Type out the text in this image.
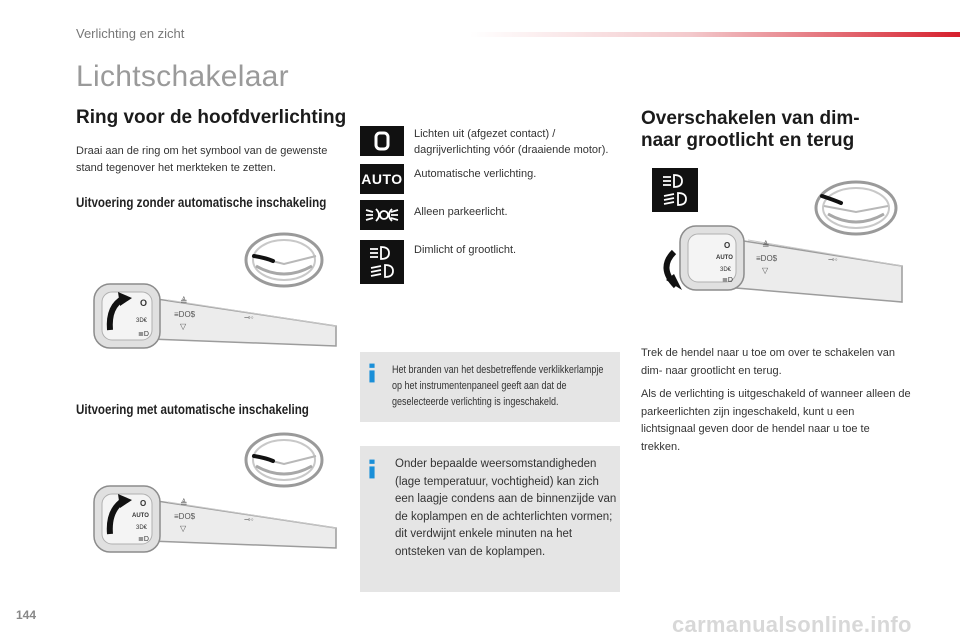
Verlichting en zicht
Lichtschakelaar
Ring voor de hoofdverlichting
Draai aan de ring om het symbool van de gewenste stand tegenover het merkteken te zetten.
Uitvoering zonder automatische inschakeling
O
3D€
≣D
≜
≡DO$
▽
⊸◦
Uitvoering met automatische inschakeling
O
AUTO
3D€
≣D
≜
≡DO$
▽
⊸◦
Lichten uit (afgezet contact) / dagrijverlichting vóór (draaiende motor).
AUTO Automatische verlichting.
Alleen parkeerlicht.
Dimlicht of grootlicht.
Het branden van het desbetreffende verklikkerlampje op het instrumentenpaneel geeft aan dat de geselecteerde verlichting is ingeschakeld.
Onder bepaalde weersomstandigheden (lage temperatuur, vochtigheid) kan zich een laagje condens aan de binnenzijde van de koplampen en de achterlichten vormen; dit verdwijnt enkele minuten na het ontsteken van de koplampen.
Overschakelen van dim- naar grootlicht en terug
O
AUTO
3D€
≣D
≜
≡DO$
▽
⊸◦
Trek de hendel naar u toe om over te schakelen van dim- naar grootlicht en terug.
Als de verlichting is uitgeschakeld of wanneer alleen de parkeerlichten zijn ingeschakeld, kunt u een lichtsignaal geven door de hendel naar u toe te trekken.
144	carmanualsonline.info
